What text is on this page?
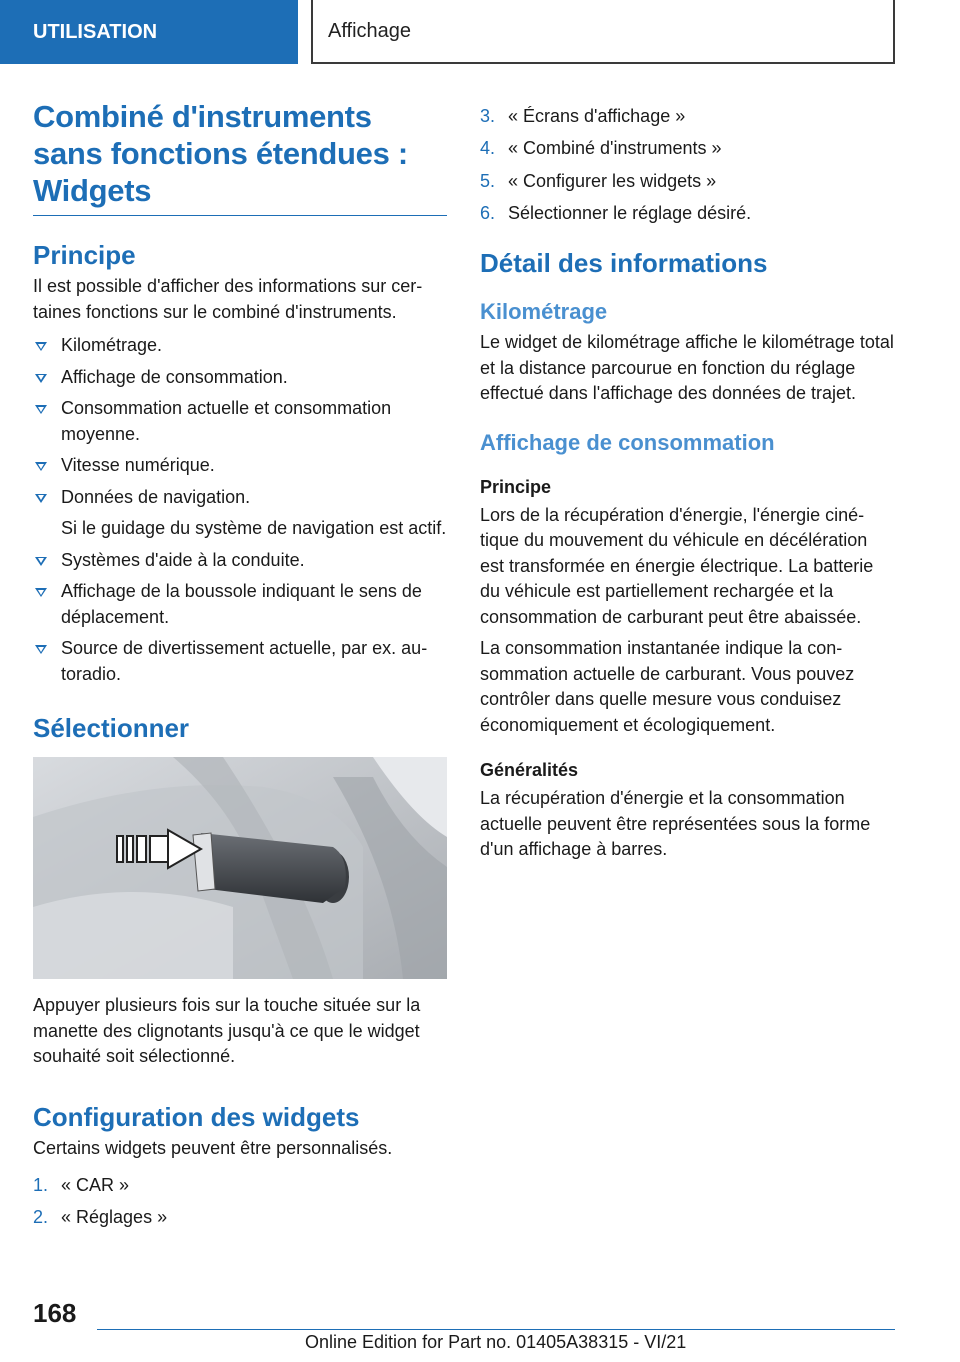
UTILISATION	Affichage
Combiné d'instruments sans fonctions étendues : Widgets
Principe

Il est possible d'afficher des informations sur certaines fonctions sur le combiné d'instruments.

Kilométrage.
Affichage de consommation.
Consommation actuelle et consommation moyenne.
Vitesse numérique.
Données de navigation.
Si le guidage du système de navigation est actif.
Systèmes d'aide à la conduite.
Affichage de la boussole indiquant le sens de déplacement.
Source de divertissement actuelle, par ex. autoradio.
Sélectionner

Appuyer plusieurs fois sur la touche située sur la manette des clignotants jusqu'à ce que le widget souhaité soit sélectionné.

Configuration des widgets

Certains widgets peuvent être personnalisés.

1. « CAR »
2. « Réglages »
3. « Écrans d'affichage »
4. « Combiné d'instruments »
5. « Configurer les widgets »
6. Sélectionner le réglage désiré.
Détail des informations
Kilométrage

Le widget de kilométrage affiche le kilométrage total et la distance parcourue en fonction du réglage effectué dans l'affichage des données de trajet.

Affichage de consommation
Principe

Lors de la récupération d'énergie, l'énergie cinétique du mouvement du véhicule en décélération est transformée en énergie électrique. La batterie du véhicule est partiellement rechargée et la consommation de carburant peut être abaissée.

La consommation instantanée indique la consommation actuelle de carburant. Vous pouvez contrôler dans quelle mesure vous conduisez économiquement et écologiquement.

Généralités

La récupération d'énergie et la consommation actuelle peuvent être représentées sous la forme d'un affichage à barres.

168
Online Edition for Part no. 01405A38315 - VI/21
